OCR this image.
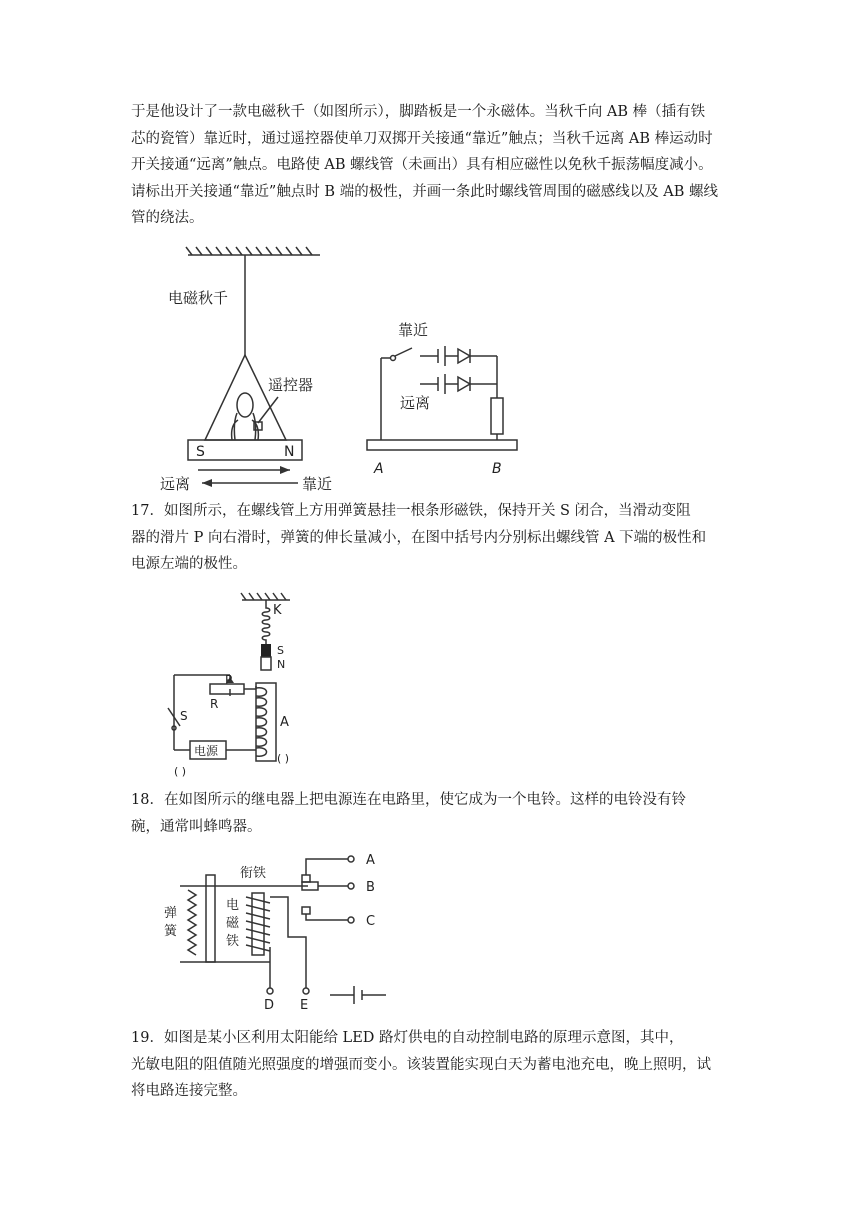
于是他设计了一款电磁秋千（如图所示），脚踏板是一个永磁体。当秋千向 AB 棒（插有铁
芯的瓷管）靠近时，通过遥控器使单刀双掷开关接通“靠近”触点；当秋千远离 AB 棒运动时
开关接通“远离”触点。电路使 AB 螺线管（未画出）具有相应磁性以免秋千振荡幅度减小。
请标出开关接通“靠近”触点时 B 端的极性，并画一条此时螺线管周围的磁感线以及 AB 螺线
管的绕法。
电磁秋千
遥控器
S	N
远离	靠近
靠近
远离
A	B
17．如图所示，在螺线管上方用弹簧悬挂一根条形磁铁，保持开关 S 闭合，当滑动变阻
器的滑片 P 向右滑时，弹簧的伸长量减小，在图中括号内分别标出螺线管 A 下端的极性和
电源左端的极性。
K
S
N
P
R
S
电源
( )
A
( )
18．在如图所示的继电器上把电源连在电路里，使它成为一个电铃。这样的电铃没有铃
碗，通常叫蜂鸣器。
衔铁
弹
簧
电
磁
铁
D E
A
B
C
19．如图是某小区利用太阳能给 LED 路灯供电的自动控制电路的原理示意图，其中，
光敏电阻的阻值随光照强度的增强而变小。该装置能实现白天为蓄电池充电，晚上照明，试
将电路连接完整。
